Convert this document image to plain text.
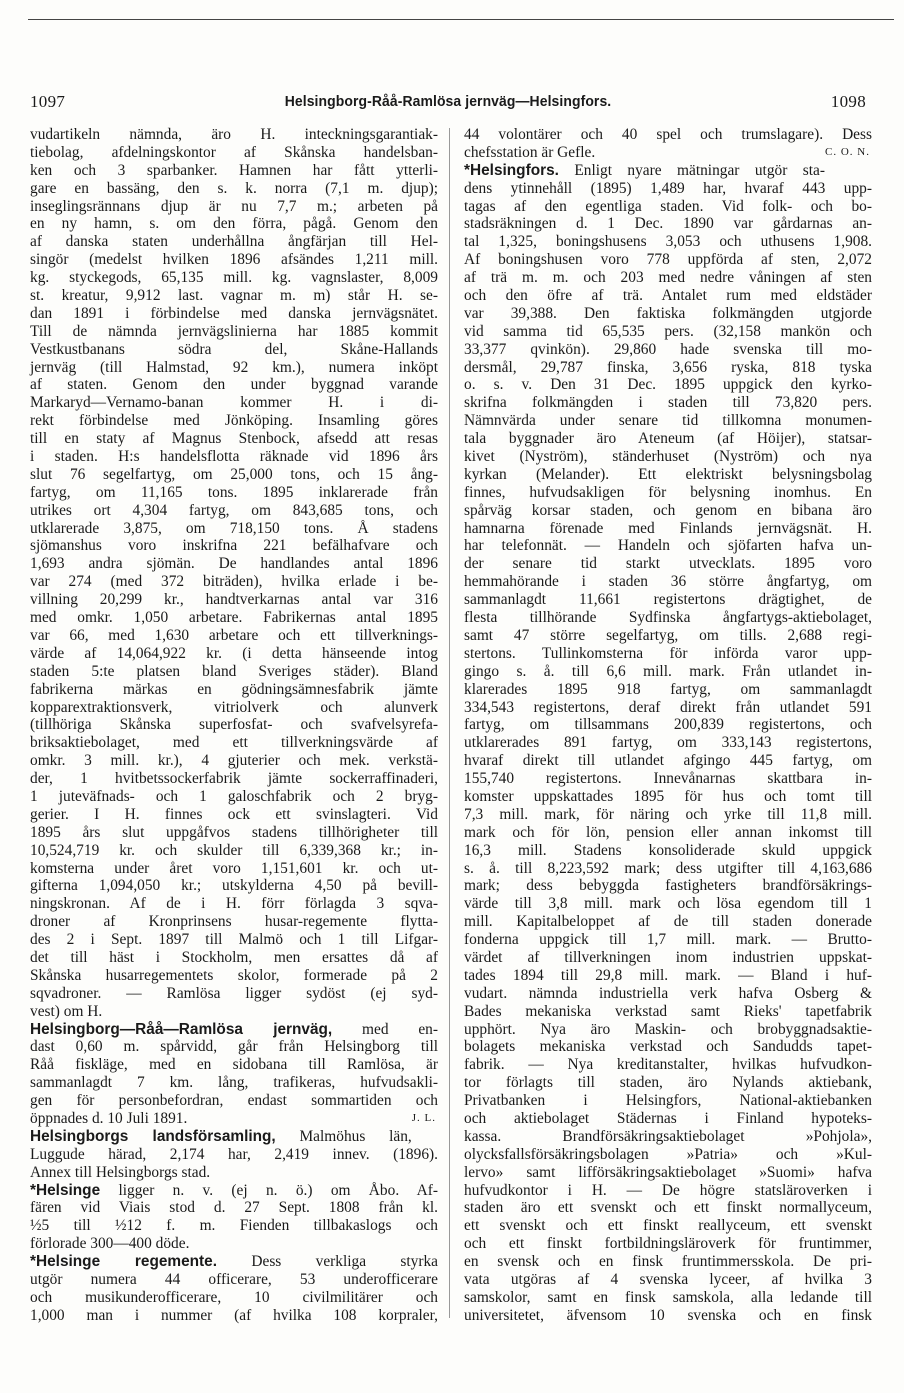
1097	Helsingborg-Råå-Ramlösa jernväg—Helsingfors.	1098
vudartikeln nämnda, äro H. inteckningsgarantiak-
tiebolag, afdelningskontor af Skånska handelsban-
ken och 3 sparbanker. Hamnen har fått ytterli-
gare en bassäng, den s. k. norra (7,1 m. djup);
inseglingsrännans djup är nu 7,7 m.; arbeten på
en ny hamn, s. om den förra, pågå. Genom den
af danska staten underhållna ångfärjan till Hel-
singör (medelst hvilken 1896 afsändes 1,211 mill.
kg. styckegods, 65,135 mill. kg. vagnslaster, 8,009
st. kreatur, 9,912 last. vagnar m. m) står H. se-
dan 1891 i förbindelse med danska jernvägsnätet.
Till de nämnda jernvägslinierna har 1885 kommit
Vestkustbanans södra del, Skåne-Hallands
jernväg (till Halmstad, 92 km.), numera inköpt
af staten. Genom den under byggnad varande
Markaryd—Vernamo-banan kommer H. i di-
rekt förbindelse med Jönköping. Insamling göres
till en staty af Magnus Stenbock, afsedd att resas
i staden. H:s handelsflotta räknade vid 1896 års
slut 76 segelfartyg, om 25,000 tons, och 15 ång-
fartyg, om 11,165 tons. 1895 inklarerade från
utrikes ort 4,304 fartyg, om 843,685 tons, och
utklarerade 3,875, om 718,150 tons. Å stadens
sjömanshus voro inskrifna 221 befälhafvare och
1,693 andra sjömän. De handlandes antal 1896
var 274 (med 372 biträden), hvilka erlade i be-
villning 20,299 kr., handtverkarnas antal var 316
med omkr. 1,050 arbetare. Fabrikernas antal 1895
var 66, med 1,630 arbetare och ett tillverknings-
värde af 14,064,922 kr. (i detta hänseende intog
staden 5:te platsen bland Sveriges städer). Bland
fabrikerna märkas en gödningsämnesfabrik jämte
kopparextraktionsverk, vitriolverk och alunverk
(tillhöriga Skånska superfosfat- och svafvelsyrefa-
briksaktiebolaget, med ett tillverkningsvärde af
omkr. 3 mill. kr.), 4 gjuterier och mek. verkstä-
der, 1 hvitbetssockerfabrik jämte sockerraffinaderi,
1 juteväfnads- och 1 galoschfabrik och 2 bryg-
gerier. I H. finnes ock ett svinslagteri. Vid
1895 års slut uppgåfvos stadens tillhörigheter till
10,524,719 kr. och skulder till 6,339,368 kr.; in-
komsterna under året voro 1,151,601 kr. och ut-
gifterna 1,094,050 kr.; utskylderna 4,50 på bevill-
ningskronan. Af de i H. förr förlagda 3 sqva-
droner af Kronprinsens husar-regemente flytta-
des 2 i Sept. 1897 till Malmö och 1 till Lifgar-
det till häst i Stockholm, men ersattes då af
Skånska husarregementets skolor, formerade på 2
sqvadroner. — Ramlösa ligger sydöst (ej syd-
vest) om H.
Helsingborg—Råå—Ramlösa jernväg, med en-
dast 0,60 m. spårvidd, går från Helsingborg till
Råå fiskläge, med en sidobana till Ramlösa, är
sammanlagdt 7 km. lång, trafikeras, hufvudsakli-
gen för personbefordran, endast sommartiden och
öppnades d. 10 Juli 1891.	J. L.
Helsingborgs landsförsamling, Malmöhus län,
Luggude härad, 2,174 har, 2,419 innev. (1896).
Annex till Helsingborgs stad.
*Helsinge ligger n. v. (ej n. ö.) om Åbo. Af-
fären vid Viais stod d. 27 Sept. 1808 från kl.
½5 till ½12 f. m. Fienden tillbakaslogs och
förlorade 300—400 döde.
*Helsinge regemente. Dess verkliga styrka
utgör numera 44 officerare, 53 underofficerare
och musikunderofficerare, 10 civilmilitärer och
1,000 man i nummer (af hvilka 108 korpraler,
44 volontärer och 40 spel och trumslagare). Dess
chefsstation är Gefle.	C. O. N.
*Helsingfors. Enligt nyare mätningar utgör sta-
dens ytinnehåll (1895) 1,489 har, hvaraf 443 upp-
tagas af den egentliga staden. Vid folk- och bo-
stadsräkningen d. 1 Dec. 1890 var gårdarnas an-
tal 1,325, boningshusens 3,053 och uthusens 1,908.
Af boningshusen voro 778 uppförda af sten, 2,072
af trä m. m. och 203 med nedre våningen af sten
och den öfre af trä. Antalet rum med eldstäder
var 39,388. Den faktiska folkmängden utgjorde
vid samma tid 65,535 pers. (32,158 mankön och
33,377 qvinkön). 29,860 hade svenska till mo-
dersmål, 29,787 finska, 3,656 ryska, 818 tyska
o. s. v. Den 31 Dec. 1895 uppgick den kyrko-
skrifna folkmängden i staden till 73,820 pers.
Nämnvärda under senare tid tillkomna monumen-
tala byggnader äro Ateneum (af Höijer), statsar-
kivet (Nyström), ständerhuset (Nyström) och nya
kyrkan (Melander). Ett elektriskt belysningsbolag
finnes, hufvudsakligen för belysning inomhus. En
spårväg korsar staden, och genom en bibana äro
hamnarna förenade med Finlands jernvägsnät. H.
har telefonnät. — Handeln och sjöfarten hafva un-
der senare tid starkt utvecklats. 1895 voro
hemmahörande i staden 36 större ångfartyg, om
sammanlagdt 11,661 registertons drägtighet, de
flesta tillhörande Sydfinska ångfartygs-aktiebolaget,
samt 47 större segelfartyg, om tills. 2,688 regi-
stertons. Tullinkomsterna för införda varor upp-
gingo s. å. till 6,6 mill. mark. Från utlandet in-
klarerades 1895 918 fartyg, om sammanlagdt
334,543 registertons, deraf direkt från utlandet 591
fartyg, om tillsammans 200,839 registertons, och
utklarerades 891 fartyg, om 333,143 registertons,
hvaraf direkt till utlandet afgingo 445 fartyg, om
155,740 registertons. Innevånarnas skattbara in-
komster uppskattades 1895 för hus och tomt till
7,3 mill. mark, för näring och yrke till 11,8 mill.
mark och för lön, pension eller annan inkomst till
16,3 mill. Stadens konsoliderade skuld uppgick
s. å. till 8,223,592 mark; dess utgifter till 4,163,686
mark; dess bebyggda fastigheters brandförsäkrings-
värde till 3,8 mill. mark och lösa egendom till 1
mill. Kapitalbeloppet af de till staden donerade
fonderna uppgick till 1,7 mill. mark. — Brutto-
värdet af tillverkningen inom industrien uppskat-
tades 1894 till 29,8 mill. mark. — Bland i huf-
vudart. nämnda industriella verk hafva Osberg &
Bades mekaniska verkstad samt Rieks' tapetfabrik
upphört. Nya äro Maskin- och brobyggnadsaktie-
bolagets mekaniska verkstad och Sandudds tapet-
fabrik. — Nya kreditanstalter, hvilkas hufvudkon-
tor förlagts till staden, äro Nylands aktiebank,
Privatbanken i Helsingfors, National-aktiebanken
och aktiebolaget Städernas i Finland hypoteks-
kassa. Brandförsäkringsaktiebolaget »Pohjola»,
olycksfallsförsäkringsbolagen »Patria» och »Kul-
lervo» samt lifförsäkringsaktiebolaget »Suomi» hafva
hufvudkontor i H. — De högre statsläroverken i
staden äro ett svenskt och ett finskt normallyceum,
ett svenskt och ett finskt reallyceum, ett svenskt
och ett finskt fortbildningsläroverk för fruntimmer,
en svensk och en finsk fruntimmersskola. De pri-
vata utgöras af 4 svenska lyceer, af hvilka 3
samskolor, samt en finsk samskola, alla ledande till
universitetet, äfvensom 10 svenska och en finsk
